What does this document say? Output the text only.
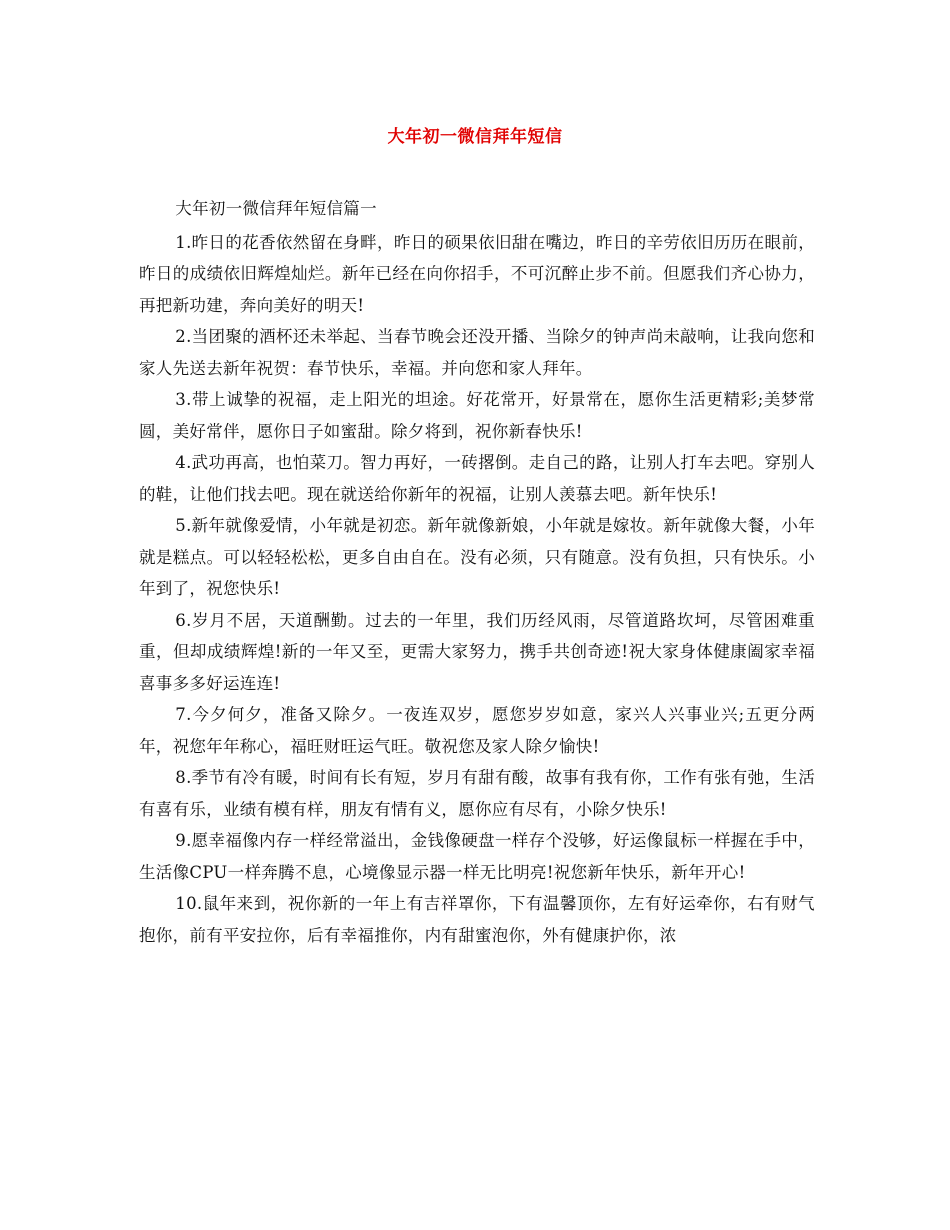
大年初一微信拜年短信

大年初一微信拜年短信篇一

1.昨日的花香依然留在身畔，昨日的硕果依旧甜在嘴边，昨日的辛劳依旧历历在眼前，昨日的成绩依旧辉煌灿烂。新年已经在向你招手，不可沉醉止步不前。但愿我们齐心协力，再把新功建，奔向美好的明天!

2.当团聚的酒杯还未举起、当春节晚会还没开播、当除夕的钟声尚未敲响，让我向您和家人先送去新年祝贺：春节快乐，幸福。并向您和家人拜年。

3.带上诚挚的祝福，走上阳光的坦途。好花常开，好景常在，愿你生活更精彩;美梦常圆，美好常伴，愿你日子如蜜甜。除夕将到，祝你新春快乐!

4.武功再高，也怕菜刀。智力再好，一砖撂倒。走自己的路，让别人打车去吧。穿别人的鞋，让他们找去吧。现在就送给你新年的祝福，让别人羡慕去吧。新年快乐!

5.新年就像爱情，小年就是初恋。新年就像新娘，小年就是嫁妆。新年就像大餐，小年就是糕点。可以轻轻松松，更多自由自在。没有必须，只有随意。没有负担，只有快乐。小年到了，祝您快乐!

6.岁月不居，天道酬勤。过去的一年里，我们历经风雨，尽管道路坎坷，尽管困难重重，但却成绩辉煌!新的一年又至，更需大家努力，携手共创奇迹!祝大家身体健康阖家幸福喜事多多好运连连!

7.今夕何夕，准备又除夕。一夜连双岁，愿您岁岁如意，家兴人兴事业兴;五更分两年，祝您年年称心，福旺财旺运气旺。敬祝您及家人除夕愉快!

8.季节有冷有暖，时间有长有短，岁月有甜有酸，故事有我有你，工作有张有弛，生活有喜有乐，业绩有模有样，朋友有情有义，愿你应有尽有，小除夕快乐!

9.愿幸福像内存一样经常溢出，金钱像硬盘一样存个没够，好运像鼠标一样握在手中，生活像CPU一样奔腾不息，心境像显示器一样无比明亮!祝您新年快乐，新年开心!

10.鼠年来到，祝你新的一年上有吉祥罩你，下有温馨顶你，左有好运牵你，右有财气抱你，前有平安拉你，后有幸福推你，内有甜蜜泡你，外有健康护你，浓
